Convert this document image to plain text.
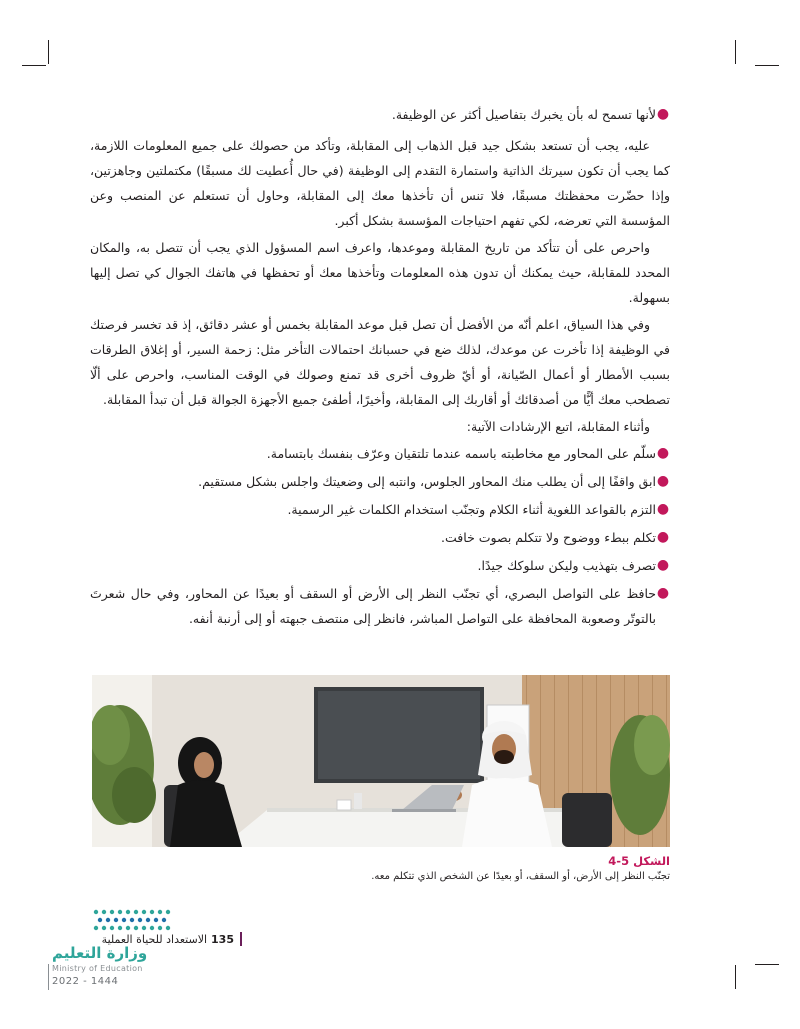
●
لأنها تسمح له بأن يخبرك بتفاصيل أكثر عن الوظيفة.

عليه، يجب أن تستعد بشكل جيد قبل الذهاب إلى المقابلة، وتأكد من حصولك على جميع المعلومات اللازمة، كما يجب أن تكون سيرتك الذاتية واستمارة التقدم إلى الوظيفة (في حال أُعطيت لك مسبقًا) مكتملتين وجاهزتين، وإذا حضّرت محفظتك مسبقًا، فلا تنس أن تأخذها معك إلى المقابلة، وحاول أن تستعلم عن المنصب وعن المؤسسة التي تعرضه، لكي تفهم احتياجات المؤسسة بشكل أكبر.

واحرص على أن تتأكد من تاريخ المقابلة وموعدها، واعرف اسم المسؤول الذي يجب أن تتصل به، والمكان المحدد للمقابلة، حيث يمكنك أن تدون هذه المعلومات وتأخذها معك أو تحفظها في هاتفك الجوال كي تصل إليها بسهولة.

وفي هذا السياق، اعلم أنّه من الأفضل أن تصل قبل موعد المقابلة بخمس أو عشر دقائق، إذ قد تخسر فرصتك في الوظيفة إذا تأخرت عن موعدك، لذلك ضع في حسبانك احتمالات التأخر مثل: زحمة السير، أو إغلاق الطرقات بسبب الأمطار أو أعمال الصّيانة، أو أيّ ظروف أخرى قد تمنع وصولك في الوقت المناسب، واحرص على ألّا تصطحب معك أيًّا من أصدقائك أو أقاربك إلى المقابلة، وأخيرًا، أطفئ جميع الأجهزة الجوالة قبل أن تبدأ المقابلة.

وأثناء المقابلة، اتبع الإرشادات الآتية:

●
سلّم على المحاور مع مخاطبته باسمه عندما تلتقيان وعرّف بنفسك بابتسامة.
●
ابق واقفًا إلى أن يطلب منك المحاور الجلوس، وانتبه إلى وضعيتك واجلس بشكل مستقيم.
●
التزم بالقواعد اللغوية أثناء الكلام وتجنّب استخدام الكلمات غير الرسمية.
●
تكلم ببطء ووضوح ولا تتكلم بصوت خافت.
●
تصرف بتهذيب وليكن سلوكك جيدًا.
●
حافظ على التواصل البصري، أي تجنّب النظر إلى الأرض أو السقف أو بعيدًا عن المحاور، وفي حال شعرتَ بالتوتّر وصعوبة المحافظة على التواصل المباشر، فانظر إلى منتصف جبهته أو إلى أرنبة أنفه.
الشكل 5-4
تجنّب النظر إلى الأرض، أو السقف، أو بعيدًا عن الشخص الذي تتكلم معه.
135
الاستعداد للحياة العملية
وزارة التعليم
Ministry of Education
2022 - 1444
